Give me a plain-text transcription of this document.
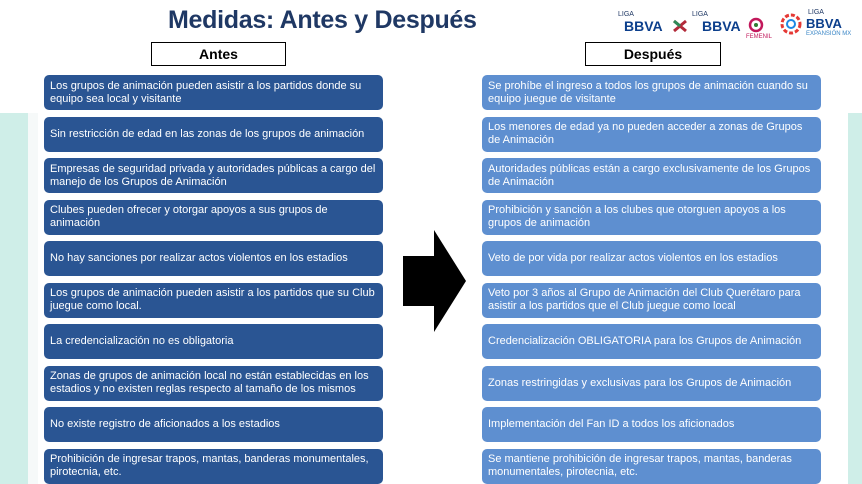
Medidas: Antes y Después	LIGA
BBVA
LIGA
BBVA
FEMENIL
LIGA
BBVA
EXPANSIÓN MX
Antes	Después
Los grupos de animación pueden asistir a los partidos donde su equipo sea local y visitante
Sin restricción de edad en las zonas de los grupos de animación
Empresas de seguridad privada y autoridades públicas a cargo del manejo de los Grupos de Animación
Clubes pueden ofrecer y otorgar apoyos a sus grupos de animación
No hay sanciones por realizar actos violentos en los estadios
Los grupos de animación pueden asistir a los partidos que su Club juegue como local.
La credencialización no es obligatoria
Zonas de grupos de animación local no están establecidas en los estadios y no existen reglas respecto al tamaño de los mismos
No existe registro de aficionados a los estadios
Prohibición de ingresar trapos, mantas, banderas monumentales, pirotecnia, etc.
Se prohíbe el ingreso a todos los grupos de animación cuando su equipo juegue de visitante
Los menores de edad ya no pueden acceder a zonas de Grupos de Animación
Autoridades públicas están a cargo exclusivamente de los Grupos de Animación
Prohibición y sanción a los clubes que otorguen apoyos a los grupos de animación
Veto de por vida por realizar actos violentos en los estadios
Veto por 3 años al Grupo de Animación del Club Querétaro para asistir a los partidos que el Club juegue como local
Credencialización OBLIGATORIA para los Grupos de Animación
Zonas restringidas y exclusivas para los Grupos de Animación
Implementación del Fan ID a todos los aficionados
Se mantiene prohibición de ingresar trapos, mantas, banderas monumentales, pirotecnia, etc.
